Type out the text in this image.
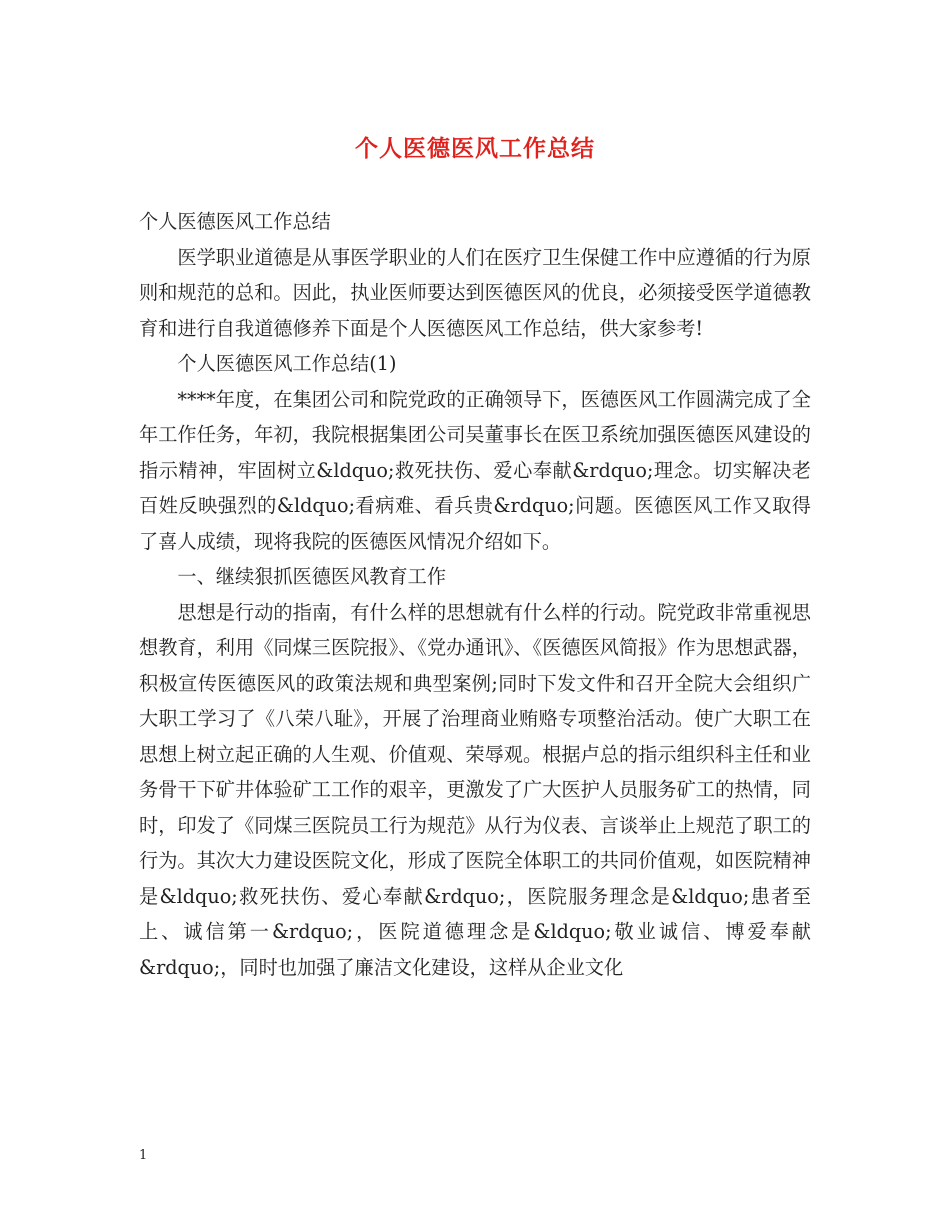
个人医德医风工作总结

个人医德医风工作总结

医学职业道德是从事医学职业的人们在医疗卫生保健工作中应遵循的行为原则和规范的总和。因此，执业医师要达到医德医风的优良，必须接受医学道德教育和进行自我道德修养下面是个人医德医风工作总结，供大家参考!

个人医德医风工作总结(1)

****年度，在集团公司和院党政的正确领导下，医德医风工作圆满完成了全年工作任务，年初，我院根据集团公司吴董事长在医卫系统加强医德医风建设的指示精神，牢固树立&ldquo;救死扶伤、爱心奉献&rdquo;理念。切实解决老百姓反映强烈的&ldquo;看病难、看兵贵&rdquo;问题。医德医风工作又取得了喜人成绩，现将我院的医德医风情况介绍如下。

一、继续狠抓医德医风教育工作

思想是行动的指南，有什么样的思想就有什么样的行动。院党政非常重视思想教育，利用《同煤三医院报》、《党办通讯》、《医德医风简报》作为思想武器，积极宣传医德医风的政策法规和典型案例;同时下发文件和召开全院大会组织广大职工学习了《八荣八耻》，开展了治理商业贿赂专项整治活动。使广大职工在思想上树立起正确的人生观、价值观、荣辱观。根据卢总的指示组织科主任和业务骨干下矿井体验矿工工作的艰辛，更激发了广大医护人员服务矿工的热情，同时，印发了《同煤三医院员工行为规范》从行为仪表、言谈举止上规范了职工的行为。其次大力建设医院文化，形成了医院全体职工的共同价值观，如医院精神是&ldquo;救死扶伤、爱心奉献&rdquo;，医院服务理念是&ldquo;患者至上、诚信第一&rdquo;，医院道德理念是&ldquo;敬业诚信、博爱奉献&rdquo;，同时也加强了廉洁文化建设，这样从企业文化

1
